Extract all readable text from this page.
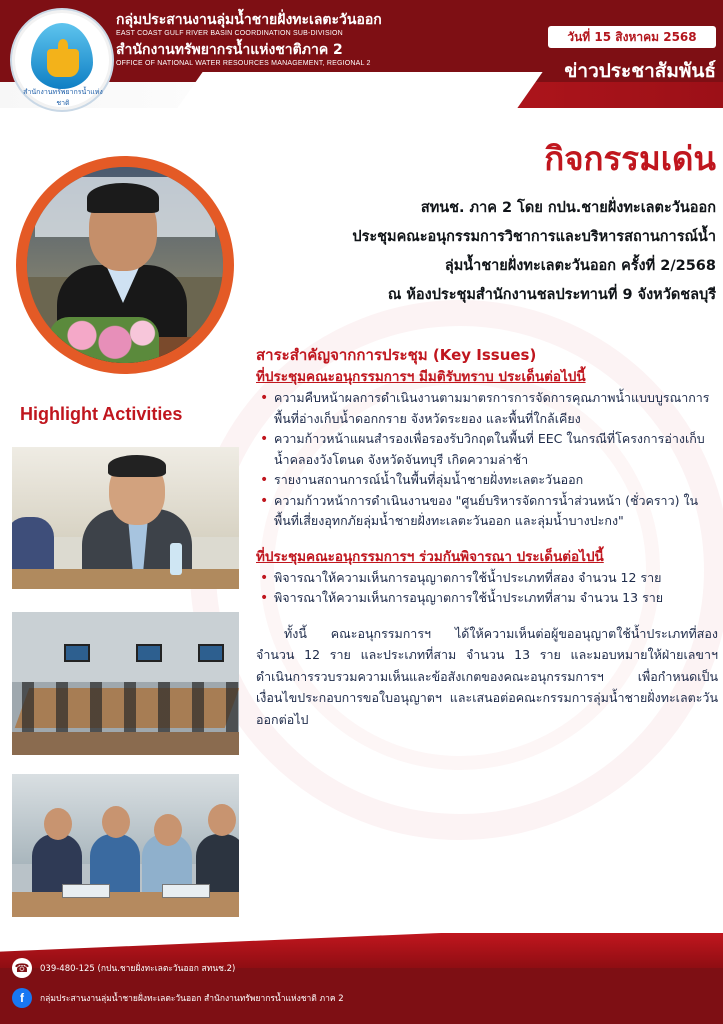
สำนักงานทรัพยากรน้ำแห่งชาติ
กลุ่มประสานงานลุ่มน้ำชายฝั่งทะเลตะวันออก
EAST COAST GULF RIVER BASIN COORDINATION SUB-DIVISION
สำนักงานทรัพยากรน้ำแห่งชาติภาค 2
OFFICE OF NATIONAL WATER RESOURCES MANAGEMENT, REGIONAL 2
วันที่ 15 สิงหาคม 2568
ข่าวประชาสัมพันธ์
กิจกรรมเด่น
สทนช. ภาค 2 โดย กปน.ชายฝั่งทะเลตะวันออก
ประชุมคณะอนุกรรมการวิชาการและบริหารสถานการณ์น้ำ
ลุ่มน้ำชายฝั่งทะเลตะวันออก ครั้งที่ 2/2568
ณ ห้องประชุมสำนักงานชลประทานที่ 9 จังหวัดชลบุรี
Highlight Activities
สาระสำคัญจากการประชุม (Key Issues)
ที่ประชุมคณะอนุกรรมการฯ มีมติรับทราบ ประเด็นต่อไปนี้
• ความคืบหน้าผลการดำเนินงานตามมาตรการการจัดการคุณภาพน้ำแบบบูรณาการพื้นที่อ่างเก็บน้ำดอกกราย จังหวัดระยอง และพื้นที่ใกล้เคียง
• ความก้าวหน้าแผนสำรองเพื่อรองรับวิกฤตในพื้นที่ EEC ในกรณีที่โครงการอ่างเก็บน้ำคลองวังโตนด จังหวัดจันทบุรี เกิดความล่าช้า
• รายงานสถานการณ์น้ำในพื้นที่ลุ่มน้ำชายฝั่งทะเลตะวันออก
• ความก้าวหน้าการดำเนินงานของ "ศูนย์บริหารจัดการน้ำส่วนหน้า (ชั่วคราว) ในพื้นที่เสี่ยงอุทกภัยลุ่มน้ำชายฝั่งทะเลตะวันออก และลุ่มน้ำบางปะกง"
ที่ประชุมคณะอนุกรรมการฯ ร่วมกันพิจารณา ประเด็นต่อไปนี้
• พิจารณาให้ความเห็นการอนุญาตการใช้น้ำประเภทที่สอง จำนวน 12 ราย
• พิจารณาให้ความเห็นการอนุญาตการใช้น้ำประเภทที่สาม จำนวน 13 ราย

ทั้งนี้ คณะอนุกรรมการฯ ได้ให้ความเห็นต่อผู้ขออนุญาตใช้น้ำประเภทที่สอง จำนวน 12 ราย และประเภทที่สาม จำนวน 13 ราย และมอบหมายให้ฝ่ายเลขาฯ ดำเนินการรวบรวมความเห็นและข้อสังเกตของคณะอนุกรรมการฯ เพื่อกำหนดเป็นเงื่อนไขประกอบการขอใบอนุญาตฯ และเสนอต่อคณะกรรมการลุ่มน้ำชายฝั่งทะเลตะวันออกต่อไป

☎ 039-480-125 (กปน.ชายฝั่งทะเลตะวันออก สทนช.2)
f	กลุ่มประสานงานลุ่มน้ำชายฝั่งทะเลตะวันออก สำนักงานทรัพยากรน้ำแห่งชาติ ภาค 2
